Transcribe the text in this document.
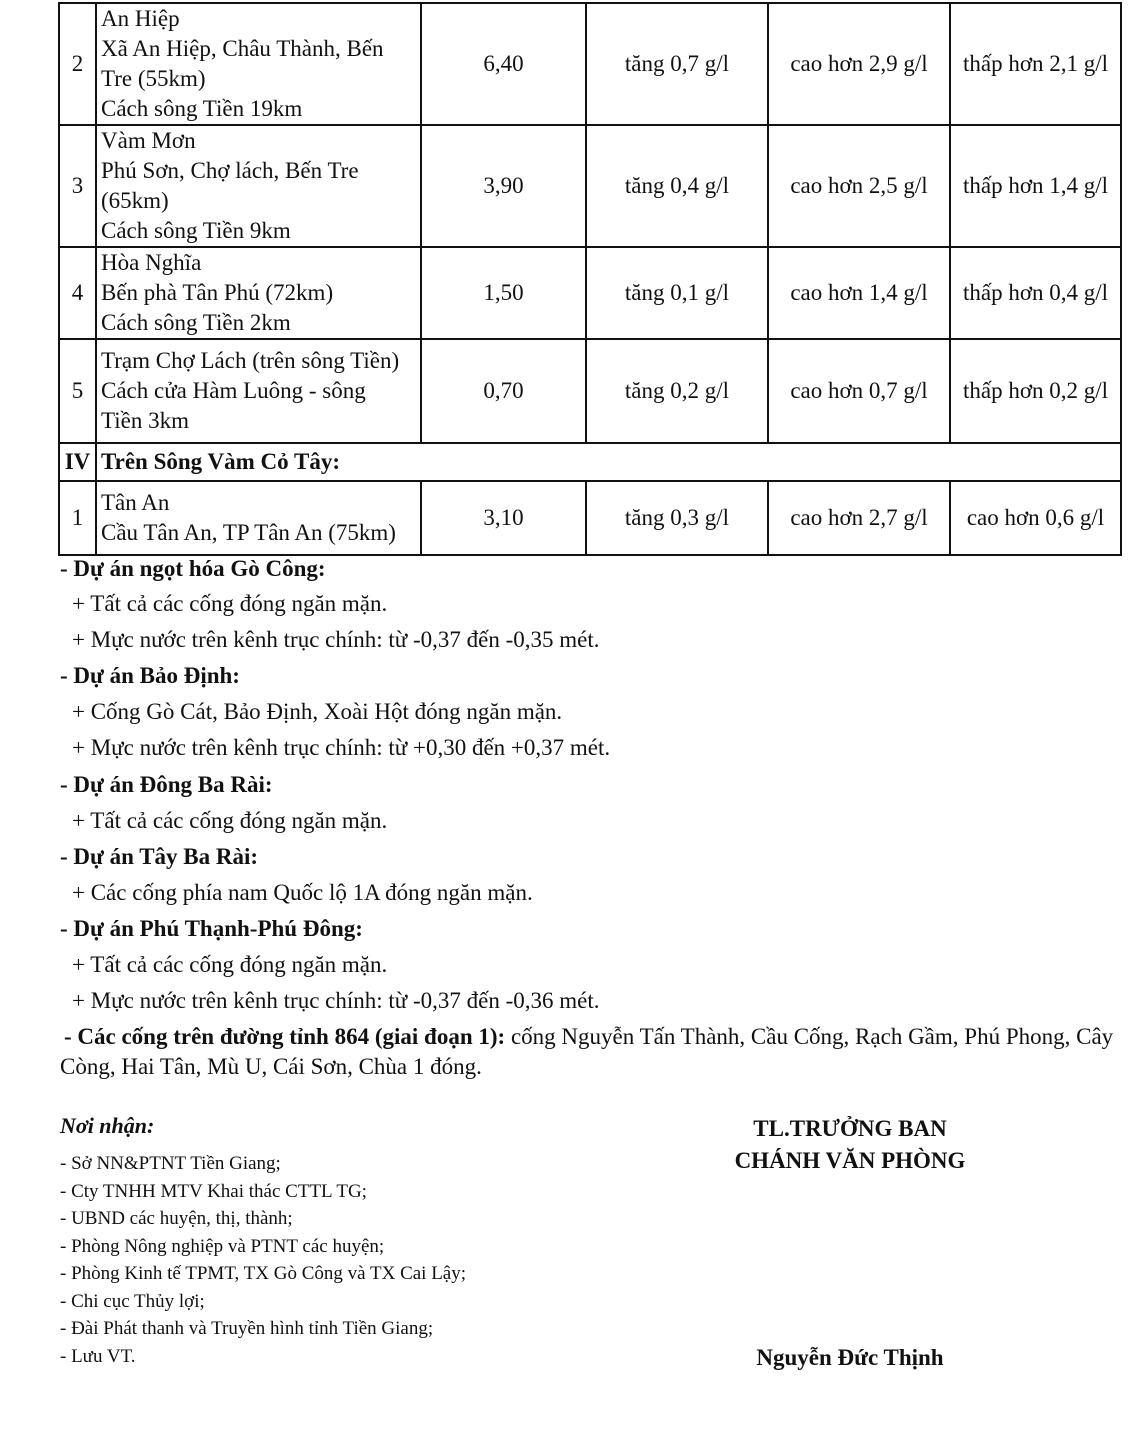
2	An Hiệp
Xã An Hiệp, Châu Thành, Bến
Tre (55km)
Cách sông Tiền 19km	6,40	tăng 0,7 g/l	cao hơn 2,9 g/l	thấp hơn 2,1 g/l
3	Vàm Mơn
Phú Sơn, Chợ lách, Bến Tre
(65km)
Cách sông Tiền 9km	3,90	tăng 0,4 g/l	cao hơn 2,5 g/l	thấp hơn 1,4 g/l
4	Hòa Nghĩa
Bến phà Tân Phú (72km)
Cách sông Tiền 2km	1,50	tăng 0,1 g/l	cao hơn 1,4 g/l	thấp hơn 0,4 g/l
5	Trạm Chợ Lách (trên sông Tiền)
Cách cửa Hàm Luông - sông
Tiền 3km	0,70	tăng 0,2 g/l	cao hơn 0,7 g/l	thấp hơn 0,2 g/l
IV	Trên Sông Vàm Cỏ Tây:				
1	Tân An
Cầu Tân An, TP Tân An (75km)	3,10	tăng 0,3 g/l	cao hơn 2,7 g/l	cao hơn 0,6 g/l
- Dự án ngọt hóa Gò Công:
+ Tất cả các cống đóng ngăn mặn.
+ Mực nước trên kênh trục chính: từ -0,37 đến -0,35 mét.
- Dự án Bảo Định:
+ Cống Gò Cát, Bảo Định, Xoài Hột đóng ngăn mặn.
+ Mực nước trên kênh trục chính: từ +0,30 đến +0,37 mét.
- Dự án Đông Ba Rài:
+ Tất cả các cống đóng ngăn mặn.
- Dự án Tây Ba Rài:
+ Các cống phía nam Quốc lộ 1A đóng ngăn mặn.
- Dự án Phú Thạnh-Phú Đông:
+ Tất cả các cống đóng ngăn mặn.
+ Mực nước trên kênh trục chính: từ -0,37 đến -0,36 mét.
- Các cống trên đường tỉnh 864 (giai đoạn 1): cống Nguyễn Tấn Thành, Cầu Cống, Rạch Gầm, Phú Phong, Cây Còng, Hai Tân, Mù U, Cái Sơn, Chùa 1 đóng.
Nơi nhận:
- Sở NN&PTNT Tiền Giang;
- Cty TNHH MTV Khai thác CTTL TG;
- UBND các huyện, thị, thành;
- Phòng Nông nghiệp và PTNT các huyện;
- Phòng Kinh tế TPMT, TX Gò Công và TX Cai Lậy;
- Chi cục Thủy lợi;
- Đài Phát thanh và Truyền hình tỉnh Tiền Giang;
- Lưu VT.
TL.TRƯỞNG BAN
CHÁNH VĂN PHÒNG
Nguyễn Đức Thịnh
